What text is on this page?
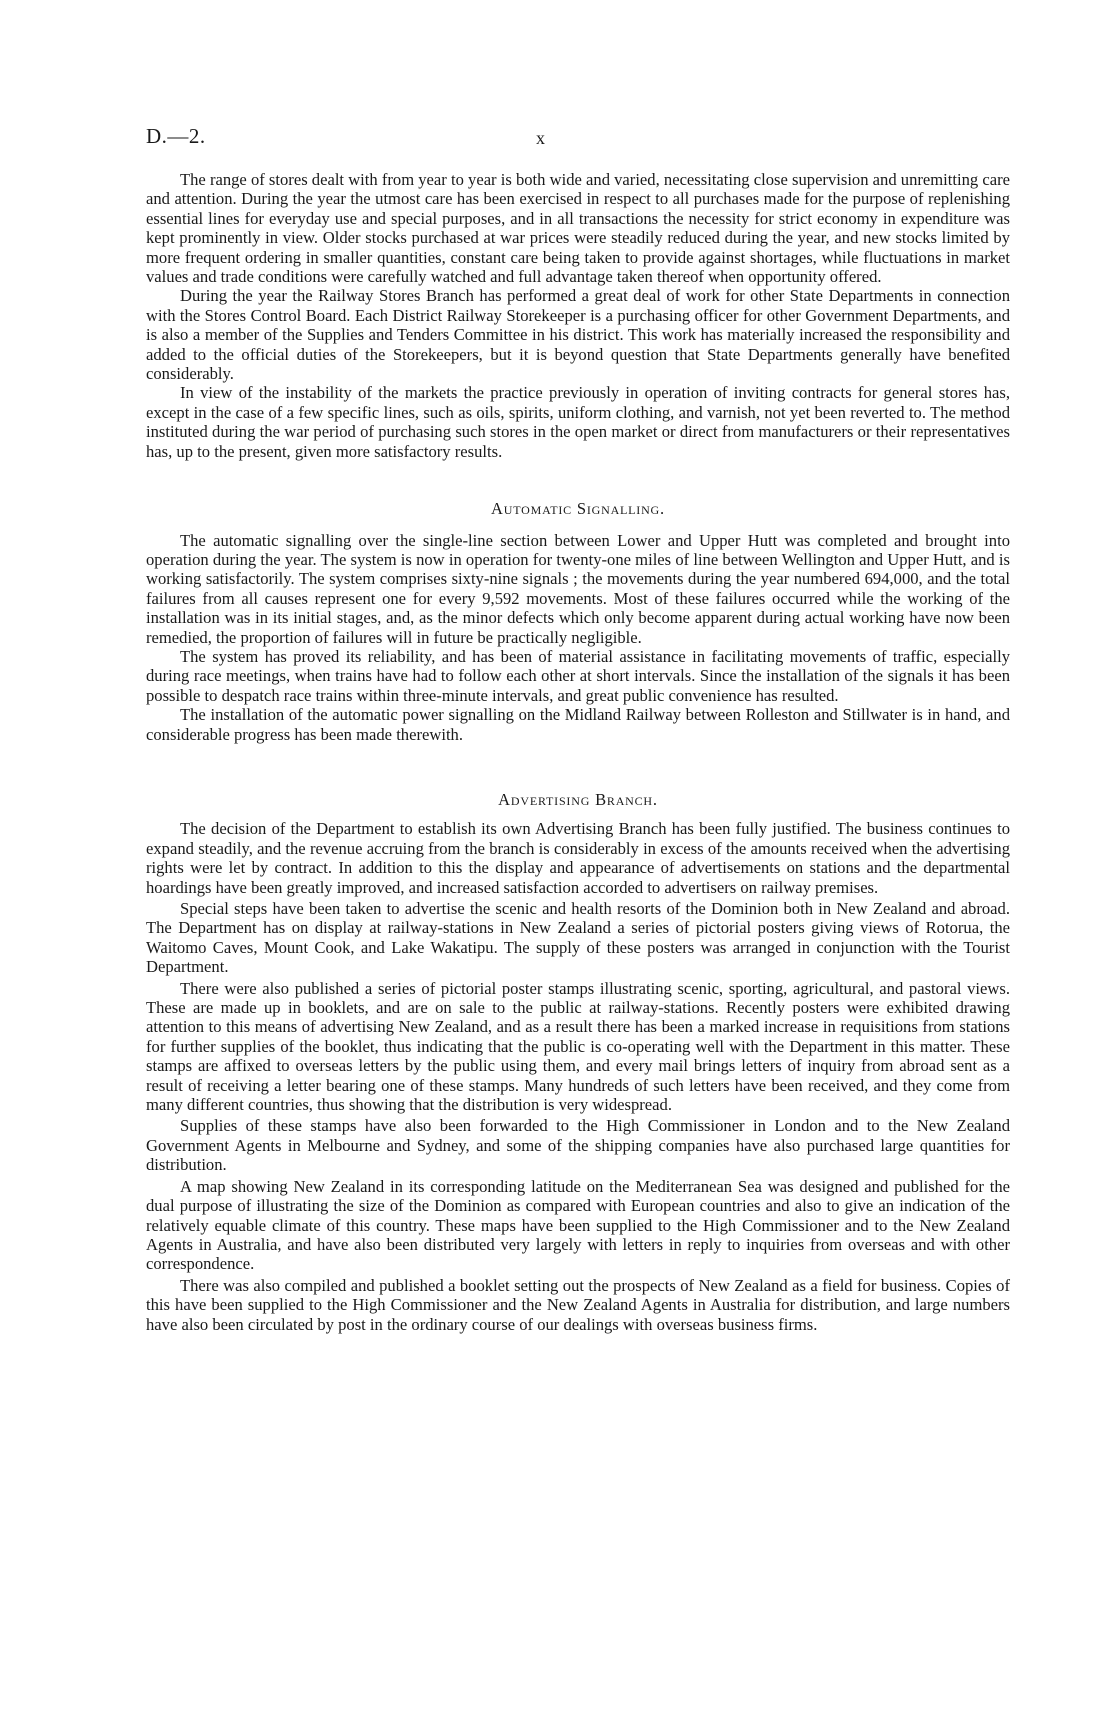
D.—2.	x

The range of stores dealt with from year to year is both wide and varied, necessitating close supervision and unremitting care and attention. During the year the utmost care has been exercised in respect to all purchases made for the purpose of replenishing essential lines for everyday use and special purposes, and in all transactions the necessity for strict economy in expenditure was kept prominently in view. Older stocks purchased at war prices were steadily reduced during the year, and new stocks limited by more frequent ordering in smaller quantities, constant care being taken to provide against shortages, while fluctuations in market values and trade conditions were carefully watched and full advantage taken thereof when opportunity offered.

During the year the Railway Stores Branch has performed a great deal of work for other State Departments in connection with the Stores Control Board. Each District Railway Storekeeper is a purchasing officer for other Government Departments, and is also a member of the Supplies and Tenders Committee in his district. This work has materially increased the responsibility and added to the official duties of the Storekeepers, but it is beyond question that State Departments generally have benefited considerably.

In view of the instability of the markets the practice previously in operation of inviting contracts for general stores has, except in the case of a few specific lines, such as oils, spirits, uniform clothing, and varnish, not yet been reverted to. The method instituted during the war period of purchasing such stores in the open market or direct from manufacturers or their representatives has, up to the present, given more satisfactory results.

Automatic Signalling.

The automatic signalling over the single-line section between Lower and Upper Hutt was completed and brought into operation during the year. The system is now in operation for twenty-one miles of line between Wellington and Upper Hutt, and is working satisfactorily. The system comprises sixty-nine signals ; the movements during the year numbered 694,000, and the total failures from all causes represent one for every 9,592 movements. Most of these failures occurred while the working of the installation was in its initial stages, and, as the minor defects which only become apparent during actual working have now been remedied, the proportion of failures will in future be practically negligible.

The system has proved its reliability, and has been of material assistance in facilitating movements of traffic, especially during race meetings, when trains have had to follow each other at short intervals. Since the installation of the signals it has been possible to despatch race trains within three-minute intervals, and great public convenience has resulted.

The installation of the automatic power signalling on the Midland Railway between Rolleston and Stillwater is in hand, and considerable progress has been made therewith.

Advertising Branch.

The decision of the Department to establish its own Advertising Branch has been fully justified. The business continues to expand steadily, and the revenue accruing from the branch is considerably in excess of the amounts received when the advertising rights were let by contract. In addition to this the display and appearance of advertisements on stations and the departmental hoardings have been greatly improved, and increased satisfaction accorded to advertisers on railway premises.

Special steps have been taken to advertise the scenic and health resorts of the Dominion both in New Zealand and abroad. The Department has on display at railway-stations in New Zealand a series of pictorial posters giving views of Rotorua, the Waitomo Caves, Mount Cook, and Lake Wakatipu. The supply of these posters was arranged in conjunction with the Tourist Department.

There were also published a series of pictorial poster stamps illustrating scenic, sporting, agricultural, and pastoral views. These are made up in booklets, and are on sale to the public at railway-stations. Recently posters were exhibited drawing attention to this means of advertising New Zealand, and as a result there has been a marked increase in requisitions from stations for further supplies of the booklet, thus indicating that the public is co-operating well with the Department in this matter. These stamps are affixed to overseas letters by the public using them, and every mail brings letters of inquiry from abroad sent as a result of receiving a letter bearing one of these stamps. Many hundreds of such letters have been received, and they come from many different countries, thus showing that the distribution is very widespread.

Supplies of these stamps have also been forwarded to the High Commissioner in London and to the New Zealand Government Agents in Melbourne and Sydney, and some of the shipping companies have also purchased large quantities for distribution.

A map showing New Zealand in its corresponding latitude on the Mediterranean Sea was designed and published for the dual purpose of illustrating the size of the Dominion as compared with European countries and also to give an indication of the relatively equable climate of this country. These maps have been supplied to the High Commissioner and to the New Zealand Agents in Australia, and have also been distributed very largely with letters in reply to inquiries from overseas and with other correspondence.

There was also compiled and published a booklet setting out the prospects of New Zealand as a field for business. Copies of this have been supplied to the High Commissioner and the New Zealand Agents in Australia for distribution, and large numbers have also been circulated by post in the ordinary course of our dealings with overseas business firms.
